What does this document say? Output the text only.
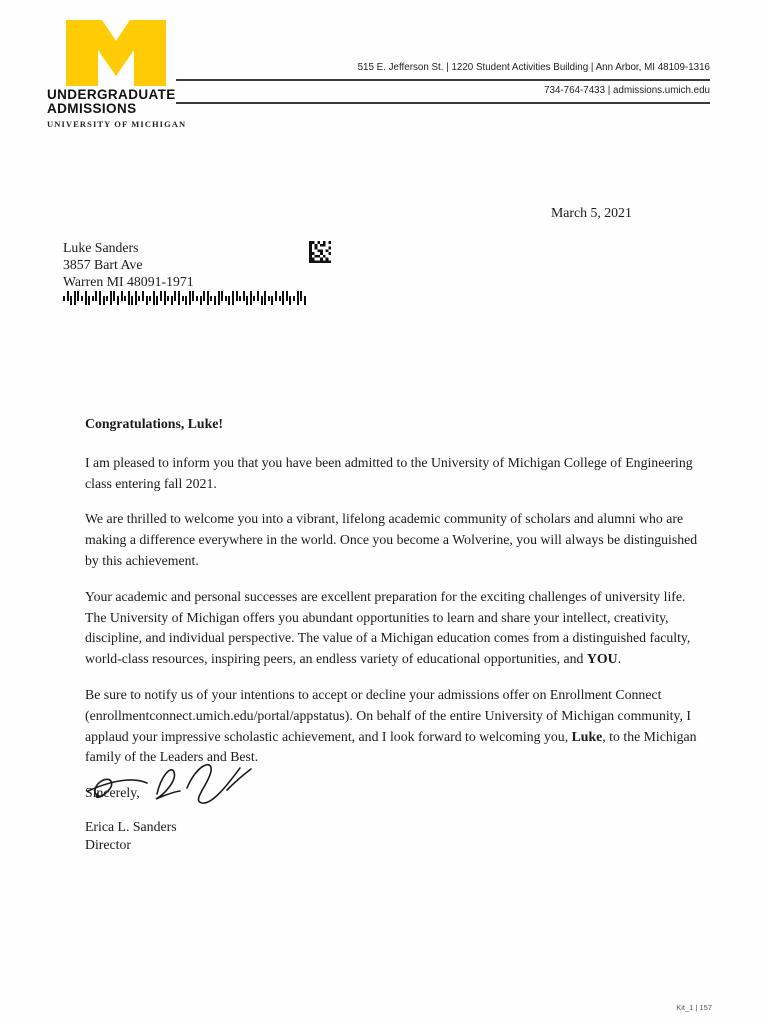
UNDERGRADUATE
ADMISSIONS
UNIVERSITY OF MICHIGAN
515 E. Jefferson St. | 1220 Student Activities Building | Ann Arbor, MI 48109-1316
734-764-7433 | admissions.umich.edu
March 5, 2021
Luke Sanders
3857 Bart Ave
Warren MI 48091-1971

Congratulations, Luke!

I am pleased to inform you that you have been admitted to the University of Michigan College of Engineering class entering fall 2021.

We are thrilled to welcome you into a vibrant, lifelong academic community of scholars and alumni who are making a difference everywhere in the world. Once you become a Wolverine, you will always be distinguished by this achievement.

Your academic and personal successes are excellent preparation for the exciting challenges of university life. The University of Michigan offers you abundant opportunities to learn and share your intellect, creativity, discipline, and individual perspective. The value of a Michigan education comes from a distinguished faculty, world-class resources, inspiring peers, an endless variety of educational opportunities, and YOU.

Be sure to notify us of your intentions to accept or decline your admissions offer on Enrollment Connect (enrollmentconnect.umich.edu/portal/appstatus). On behalf of the entire University of Michigan community, I applaud your impressive scholastic achievement, and I look forward to welcoming you, Luke, to the Michigan family of the Leaders and Best.

Sincerely,

Erica L. Sanders
Director
Kit_1 | 157
